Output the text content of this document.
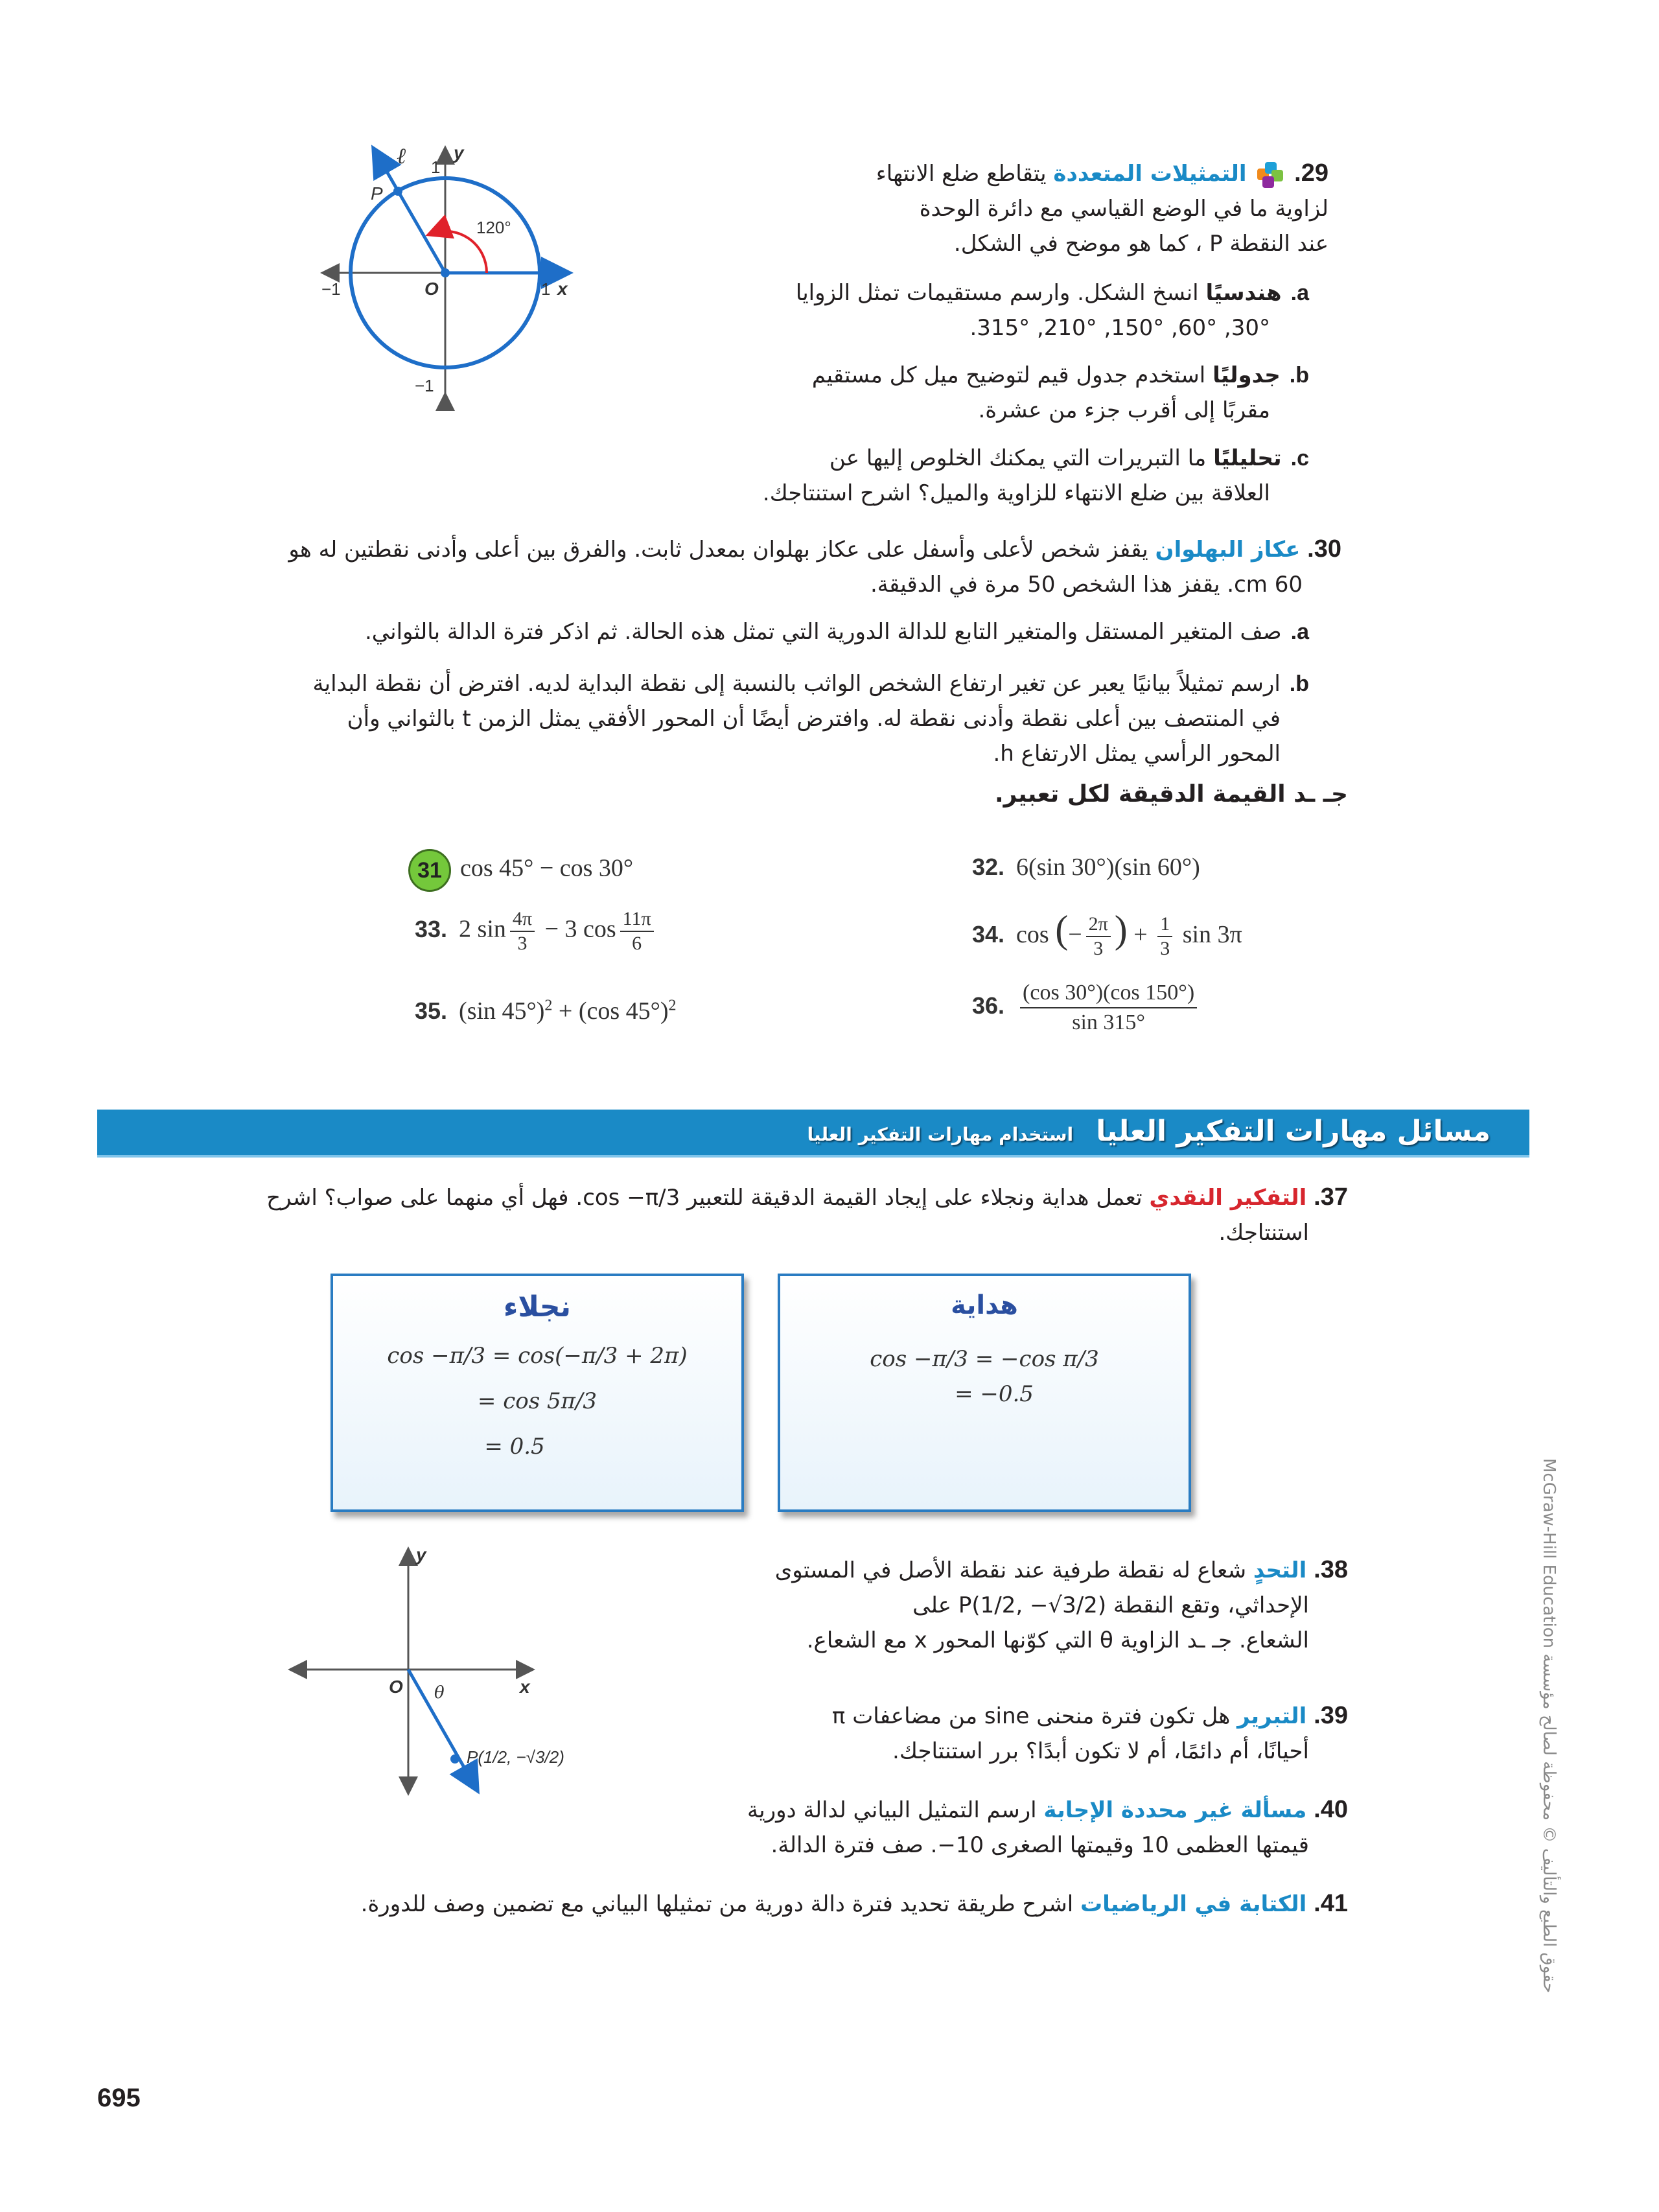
29.
التمثيلات المتعددة يتقاطع ضلع الانتهاء
لزاوية ما في الوضع القياسي مع دائرة الوحدة
عند النقطة P ، كما هو موضح في الشكل.
a.هندسيًا انسخ الشكل. وارسم مستقيمات تمثل الزوايا
30°, 60°, 150°, 210°, 315°.
b.جدوليًا استخدم جدول قيم لتوضيح ميل كل مستقيم
مقربًا إلى أقرب جزء من عشرة.
c.تحليليًا ما التبريرات التي يمكنك الخلوص إليها عن
العلاقة بين ضلع الانتهاء للزاوية والميل؟ اشرح استنتاجك.
120°
P
ℓ	y
x
O	1
−1
1
−1
30. عكاز البهلوان يقفز شخص لأعلى وأسفل على عكاز بهلوان بمعدل ثابت. والفرق بين أعلى وأدنى نقطتين له هو
60 cm. يقفز هذا الشخص 50 مرة في الدقيقة.
a.صف المتغير المستقل والمتغير التابع للدالة الدورية التي تمثل هذه الحالة. ثم اذكر فترة الدالة بالثواني.
b.ارسم تمثيلاً بيانيًا يعبر عن تغير ارتفاع الشخص الواثب بالنسبة إلى نقطة البداية لديه. افترض أن نقطة البداية
في المنتصف بين أعلى نقطة وأدنى نقطة له. وافترض أيضًا أن المحور الأفقي يمثل الزمن t بالثواني وأن
المحور الرأسي يمثل الارتفاع h.
جـ ـد القيمة الدقيقة لكل تعبير.
31 cos 45° − cos 30°	32. 6(sin 30°)(sin 60°)
33. 2 $\sin \frac{4\pi}{3} - 3$ $\cos \frac{11\pi}{6}$	34. cos (− $\frac{2\pi}{3}$ ) + $\frac{1}{3}$ sin 3π
35. (sin 45°)$^2$ + (cos 45°)$^2$	36. $\frac{(\cos 30^\circ)(\cos 150^\circ)}{\sin 315^\circ}$
مسائل مهارات التفكير العليا استخدام مهارات التفكير العليا
37. التفكير النقدي تعمل هداية ونجلاء على إيجاد القيمة الدقيقة للتعبير cos −π/3. فهل أي منهما على صواب؟ اشرح
استنتاجك.
هداية
cos −π/3 = −cos π/3
= −0.5
نجلاء
cos −π/3 = cos(−π/3 + 2π)
= cos 5π/3
= 0.5
y
x
O θ
P(1/2, −√3/2)
38. التحدٍ شعاع له نقطة طرفية عند نقطة الأصل في المستوى
الإحداثي، وتقع النقطة P(1/2, −√3/2) على
الشعاع. جـ ـد الزاوية θ التي كوّنها المحور x مع الشعاع.
39. التبرير هل تكون فترة منحنى sine من مضاعفات π
أحيانًا، أم دائمًا، أم لا تكون أبدًا؟ برر استنتاجك.
40. مسألة غير محددة الإجابة ارسم التمثيل البياني لدالة دورية
قيمتها العظمى 10 وقيمتها الصغرى 10−. صف فترة الدالة.
41. الكتابة في الرياضيات اشرح طريقة تحديد فترة دالة دورية من تمثيلها البياني مع تضمين وصف للدورة.
695
حقوق الطبع والتأليف © محفوظة لصالح مؤسسة McGraw-Hill Education
